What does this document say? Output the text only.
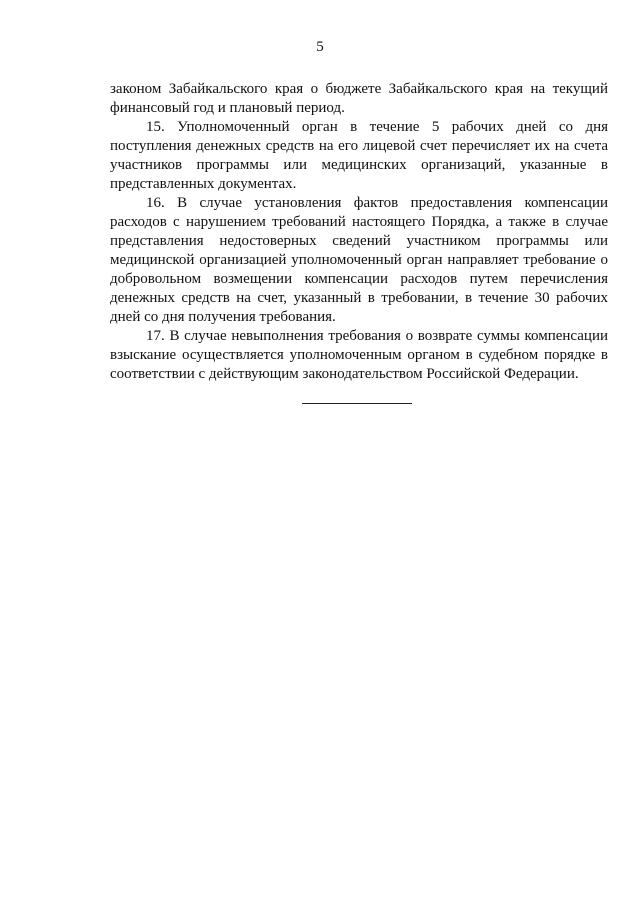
5

законом Забайкальского края о бюджете Забайкальского края на текущий
финансовый год и плановый период.

15. Уполномоченный орган в течение 5 рабочих дней со дня
поступления денежных средств на его лицевой счет перечисляет их на счета
участников программы или медицинских организаций, указанные в
представленных документах.

16. В случае установления фактов предоставления компенсации
расходов с нарушением требований настоящего Порядка, а также в случае
представления недостоверных сведений участником программы или
медицинской организацией уполномоченный орган направляет требование о
добровольном возмещении компенсации расходов путем перечисления
денежных средств на счет, указанный в требовании, в течение 30 рабочих
дней со дня получения требования.

17. В случае невыполнения требования о возврате суммы компенсации
взыскание осуществляется уполномоченным органом в судебном порядке в
соответствии с действующим законодательством Российской Федерации.
